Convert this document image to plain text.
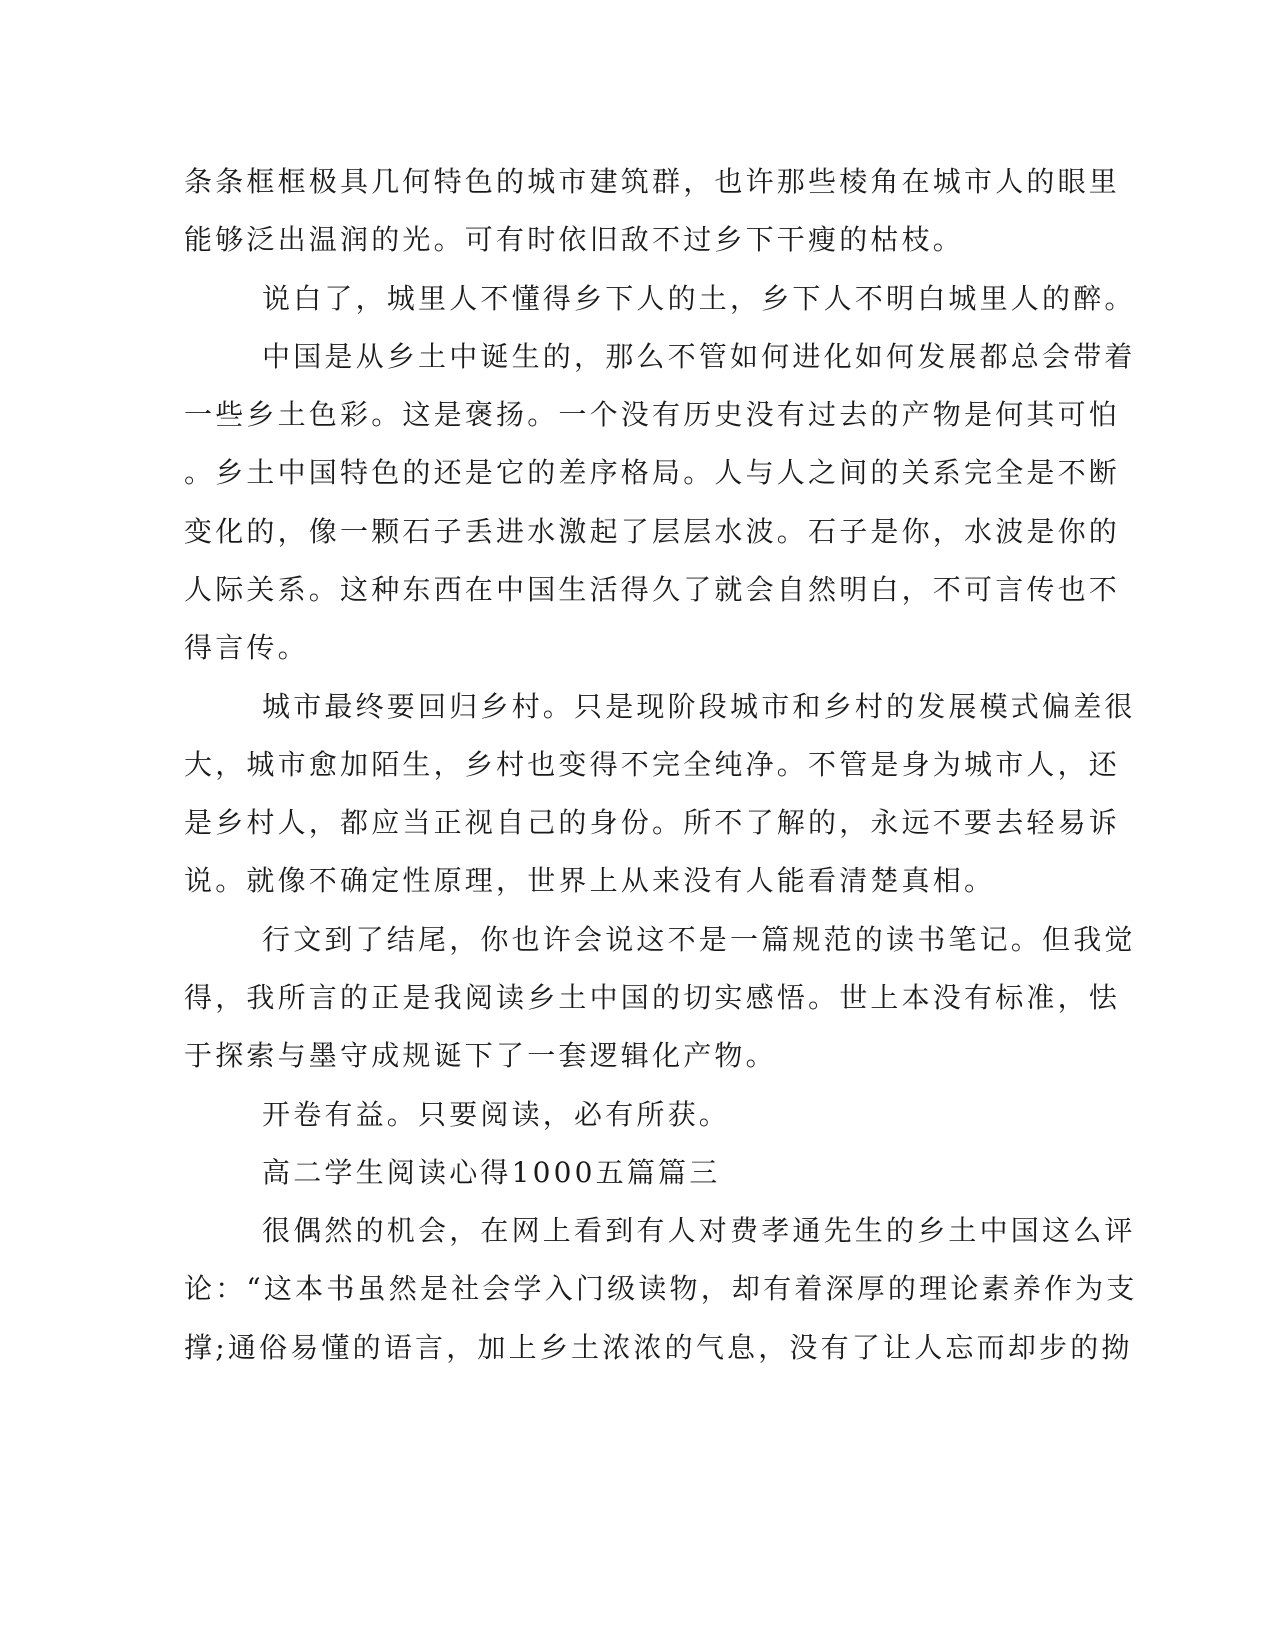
条条框框极具几何特色的城市建筑群，也许那些棱角在城市人的眼里
能够泛出温润的光。可有时依旧敌不过乡下干瘦的枯枝。
说白了，城里人不懂得乡下人的土，乡下人不明白城里人的醉。
中国是从乡土中诞生的，那么不管如何进化如何发展都总会带着
一些乡土色彩。这是褒扬。一个没有历史没有过去的产物是何其可怕
。乡土中国特色的还是它的差序格局。人与人之间的关系完全是不断
变化的，像一颗石子丢进水激起了层层水波。石子是你，水波是你的
人际关系。这种东西在中国生活得久了就会自然明白，不可言传也不
得言传。
城市最终要回归乡村。只是现阶段城市和乡村的发展模式偏差很
大，城市愈加陌生，乡村也变得不完全纯净。不管是身为城市人，还
是乡村人，都应当正视自己的身份。所不了解的，永远不要去轻易诉
说。就像不确定性原理，世界上从来没有人能看清楚真相。
行文到了结尾，你也许会说这不是一篇规范的读书笔记。但我觉
得，我所言的正是我阅读乡土中国的切实感悟。世上本没有标准，怯
于探索与墨守成规诞下了一套逻辑化产物。
开卷有益。只要阅读，必有所获。
高二学生阅读心得1000五篇篇三
很偶然的机会，在网上看到有人对费孝通先生的乡土中国这么评
论：“这本书虽然是社会学入门级读物，却有着深厚的理论素养作为支
撑;通俗易懂的语言，加上乡土浓浓的气息，没有了让人忘而却步的拗
